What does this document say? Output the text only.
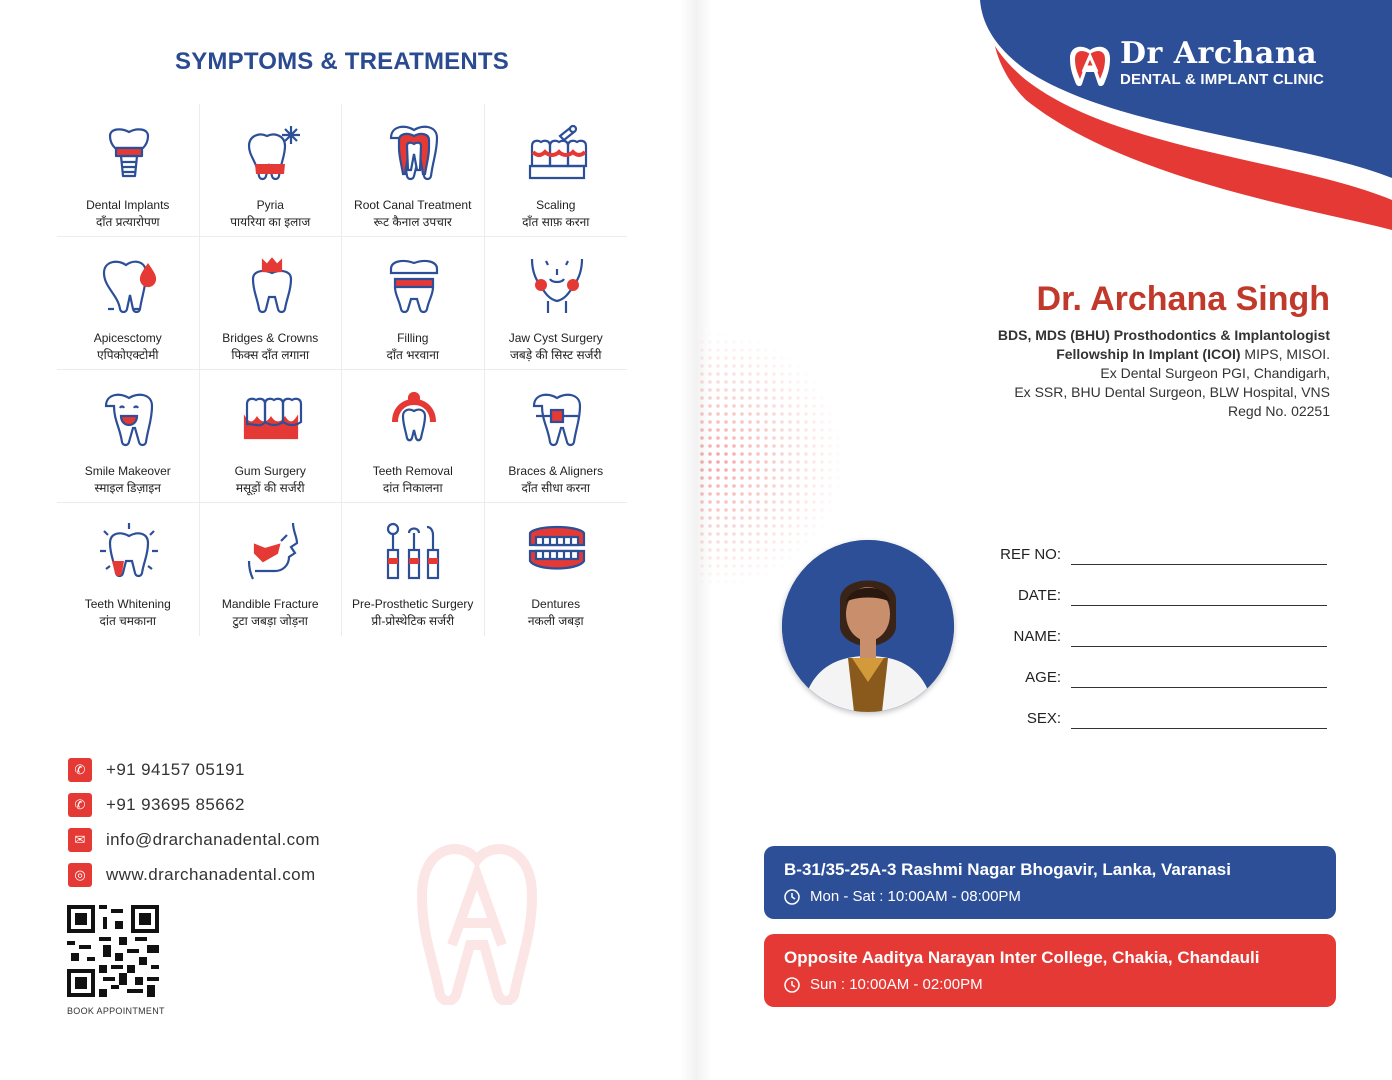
SYMPTOMS & TREATMENTS
Dental Implants
दाँत प्रत्यारोपण
Pyria
पायरिया का इलाज
Root Canal Treatment
रूट कैनाल उपचार
Scaling
दाँत साफ़ करना
Apicesctomy
एपिकोएक्टोमी
Bridges & Crowns
फिक्स दाँत लगाना
Filling
दाँत भरवाना
Jaw Cyst Surgery
जबड़े की सिस्ट सर्जरी
Smile Makeover
स्माइल डिज़ाइन
Gum Surgery
मसूड़ों की सर्जरी
Teeth Removal
दांत निकालना
Braces & Aligners
दाँत सीधा करना
Teeth Whitening
दांत चमकाना
Mandible Fracture
टुटा जबड़ा जोड़ना
Pre-Prosthetic Surgery
प्री-प्रोस्थेटिक सर्जरी
Dentures
नकली जबड़ा
✆	+91 94157 05191
✆	+91 93695 85662
✉	info@drarchanadental.com
◎	www.drarchanadental.com
BOOK APPOINTMENT
Dr Archana
DENTAL & IMPLANT CLINIC
Dr. Archana Singh
BDS, MDS (BHU) Prosthodontics & Implantologist
Fellowship In Implant (ICOI) MIPS, MISOI.
Ex Dental Surgeon PGI, Chandigarh,
Ex SSR, BHU Dental Surgeon, BLW Hospital, VNS
Regd No. 02251
REF NO:
DATE:
NAME:
AGE:
SEX:
B-31/35-25A-3 Rashmi Nagar Bhogavir, Lanka, Varanasi
Mon - Sat : 10:00AM - 08:00PM
Opposite Aaditya Narayan Inter College, Chakia, Chandauli
Sun : 10:00AM - 02:00PM
